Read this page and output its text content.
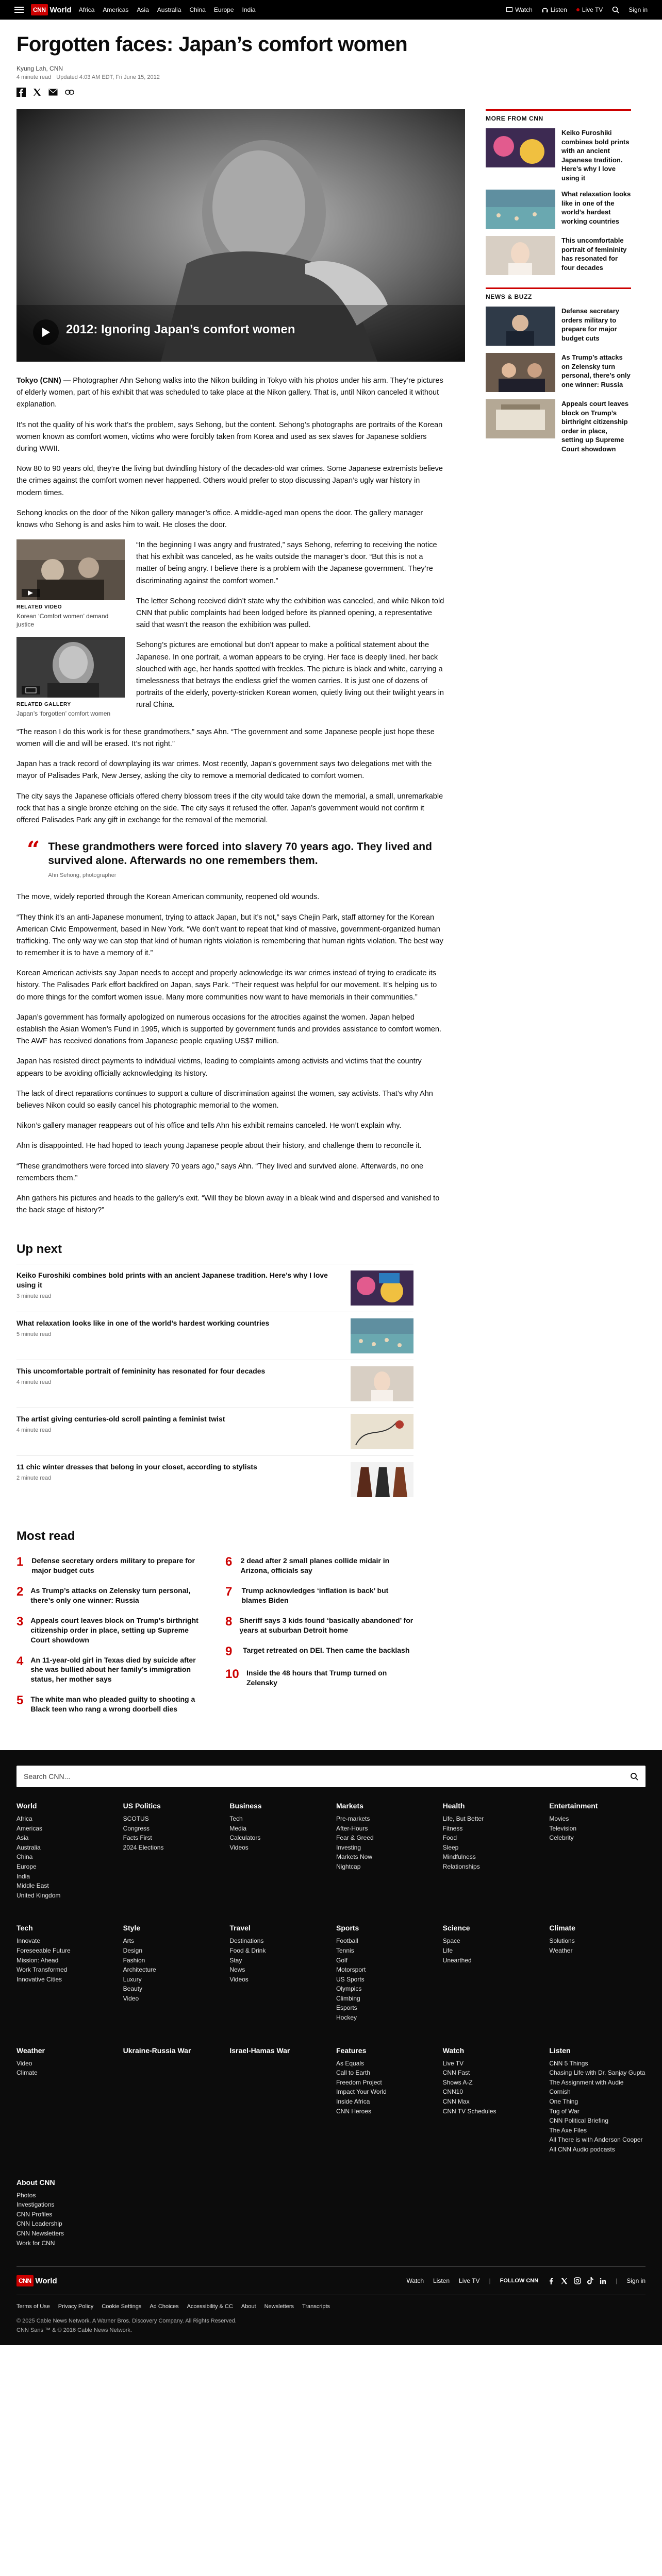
CNN World Africa Americas Asia Australia China Europe India	Watch	Listen Live TV	Sign in
Forgotten faces: Japan’s comfort women
Kyung Lah, CNN
4 minute read Updated 4:03 AM EDT, Fri June 15, 2012
2012: Ignoring Japan’s comfort women

Tokyo (CNN) — Photographer Ahn Sehong walks into the Nikon building in Tokyo with his photos under his arm. They’re pictures of elderly women, part of his exhibit that was scheduled to take place at the Nikon gallery. That is, until Nikon canceled it without explanation.

It’s not the quality of his work that’s the problem, says Sehong, but the content. Sehong’s photographs are portraits of the Korean women known as comfort women, victims who were forcibly taken from Korea and used as sex slaves for Japanese soldiers during WWII.

Now 80 to 90 years old, they’re the living but dwindling history of the decades-old war crimes. Some Japanese extremists believe the crimes against the comfort women never happened. Others would prefer to stop discussing Japan’s ugly war history in modern times.

Sehong knocks on the door of the Nikon gallery manager’s office. A middle-aged man opens the door. The gallery manager knows who Sehong is and asks him to wait. He closes the door.

RELATED VIDEO
Korean ‘Comfort women’ demand justice
RELATED GALLERY
Japan’s ‘forgotten’ comfort women

“In the beginning I was angry and frustrated,” says Sehong, referring to receiving the notice that his exhibit was canceled, as he waits outside the manager’s door. “But this is not a matter of being angry. I believe there is a problem with the Japanese government. They’re discriminating against the comfort women.”

The letter Sehong received didn’t state why the exhibition was canceled, and while Nikon told CNN that public complaints had been lodged before its planned opening, a representative said that wasn’t the reason the exhibition was pulled.

Sehong’s pictures are emotional but don’t appear to make a political statement about the Japanese. In one portrait, a woman appears to be crying. Her face is deeply lined, her back slouched with age, her hands spotted with freckles. The picture is black and white, carrying a timelessness that betrays the endless grief the women carries. It is just one of dozens of portraits of the elderly, poverty-stricken Korean women, quietly living out their twilight years in rural China.

“The reason I do this work is for these grandmothers,” says Ahn. “The government and some Japanese people just hope these women will die and will be erased. It’s not right.”

Japan has a track record of downplaying its war crimes. Most recently, Japan’s government says two delegations met with the mayor of Palisades Park, New Jersey, asking the city to remove a memorial dedicated to comfort women.

The city says the Japanese officials offered cherry blossom trees if the city would take down the memorial, a small, unremarkable rock that has a single bronze etching on the side. The city says it refused the offer. Japan’s government would not confirm it offered Palisades Park any gift in exchange for the removal of the memorial.

“ These grandmothers were forced into slavery 70 years ago. They lived and survived alone. Afterwards no one remembers them.
Ahn Sehong, photographer

The move, widely reported through the Korean American community, reopened old wounds.

“They think it’s an anti-Japanese monument, trying to attack Japan, but it’s not,” says Chejin Park, staff attorney for the Korean American Civic Empowerment, based in New York. “We don’t want to repeat that kind of massive, government-organized human trafficking. The only way we can stop that kind of human rights violation is remembering that human rights violation. The best way to remember it is to have a memory of it.”

Korean American activists say Japan needs to accept and properly acknowledge its war crimes instead of trying to eradicate its history. The Palisades Park effort backfired on Japan, says Park. “Their request was helpful for our movement. It’s helping us to do more things for the comfort women issue. Many more communities now want to have memorials in their communities.”

Japan’s government has formally apologized on numerous occasions for the atrocities against the women. Japan helped establish the Asian Women’s Fund in 1995, which is supported by government funds and provides assistance to comfort women. The AWF has received donations from Japanese people equaling US$7 million.

Japan has resisted direct payments to individual victims, leading to complaints among activists and victims that the country appears to be avoiding officially acknowledging its history.

The lack of direct reparations continues to support a culture of discrimination against the women, say activists. That’s why Ahn believes Nikon could so easily cancel his photographic memorial to the women.

Nikon’s gallery manager reappears out of his office and tells Ahn his exhibit remains canceled. He won’t explain why.

Ahn is disappointed. He had hoped to teach young Japanese people about their history, and challenge them to reconcile it.

“These grandmothers were forced into slavery 70 years ago,” says Ahn. “They lived and survived alone. Afterwards, no one remembers them.”

Ahn gathers his pictures and heads to the gallery’s exit. “Will they be blown away in a bleak wind and dispersed and vanished to the back stage of history?”

Up next
Keiko Furoshiki combines bold prints with an ancient Japanese tradition. Here’s why I love using it
3 minute read
What relaxation looks like in one of the world’s hardest working countries
5 minute read
This uncomfortable portrait of femininity has resonated for four decades
4 minute read
The artist giving centuries-old scroll painting a feminist twist
4 minute read
11 chic winter dresses that belong in your closet, according to stylists
2 minute read
Most read
1 Defense secretary orders military to prepare for major budget cuts
2 As Trump’s attacks on Zelensky turn personal, there’s only one winner: Russia
3 Appeals court leaves block on Trump’s birthright citizenship order in place, setting up Supreme Court showdown
4 An 11-year-old girl in Texas died by suicide after she was bullied about her family’s immigration status, her mother says
5 The white man who pleaded guilty to shooting a Black teen who rang a wrong doorbell dies
6 2 dead after 2 small planes collide midair in Arizona, officials say
7	Trump acknowledges ‘inflation is back’ but blames Biden
8 Sheriff says 3 kids found ‘basically abandoned’ for years at suburban Detroit home
9	Target retreated on DEI. Then came the backlash
10 Inside the 48 hours that Trump turned on Zelensky
MORE FROM CNN
Keiko Furoshiki combines bold prints with an ancient Japanese tradition. Here’s why I love using it
What relaxation looks like in one of the world’s hardest working countries
This uncomfortable portrait of femininity has resonated for four decades
NEWS & BUZZ
Defense secretary orders military to prepare for major budget cuts
As Trump’s attacks on Zelensky turn personal, there’s only one winner: Russia
Appeals court leaves block on Trump’s birthright citizenship order in place, setting up Supreme Court showdown
Search CNN...
World
Africa
Americas
Asia
Australia
China
Europe
India
Middle East
United Kingdom
US Politics
SCOTUS
Congress
Facts First
2024 Elections
Business
Tech
Media
Calculators
Videos
Markets
Pre-markets
After-Hours
Fear & Greed
Investing
Markets Now
Nightcap
Health
Life, But Better
Fitness
Food
Sleep
Mindfulness
Relationships
Entertainment
Movies
Television
Celebrity
Tech
Innovate
Foreseeable Future
Mission: Ahead
Work Transformed
Innovative Cities
Style
Arts
Design
Fashion
Architecture
Luxury
Beauty
Video
Travel
Destinations
Food & Drink
Stay
News
Videos
Sports
Football
Tennis
Golf
Motorsport
US Sports
Olympics
Climbing
Esports
Hockey
Science
Space
Life
Unearthed
Climate
Solutions
Weather
Weather
Video
Climate
Ukraine-Russia War	Israel-Hamas War	Features
As Equals
Call to Earth
Freedom Project
Impact Your World
Inside Africa
CNN Heroes
Watch
Live TV
CNN Fast
Shows A-Z
CNN10
CNN Max
CNN TV Schedules
Listen
CNN 5 Things
Chasing Life with Dr. Sanjay Gupta
The Assignment with Audie Cornish
One Thing
Tug of War
CNN Political Briefing
The Axe Files
All There is with Anderson Cooper
All CNN Audio podcasts
About CNN
Photos
Investigations
CNN Profiles
CNN Leadership
CNN Newsletters
Work for CNN
CNN World	Watch Listen Live TV | FOLLOW CNN	| Sign in
Terms of Use Privacy Policy Cookie Settings Ad Choices Accessibility & CC About Newsletters Transcripts
© 2025 Cable News Network. A Warner Bros. Discovery Company. All Rights Reserved.
CNN Sans ™ & © 2016 Cable News Network.
